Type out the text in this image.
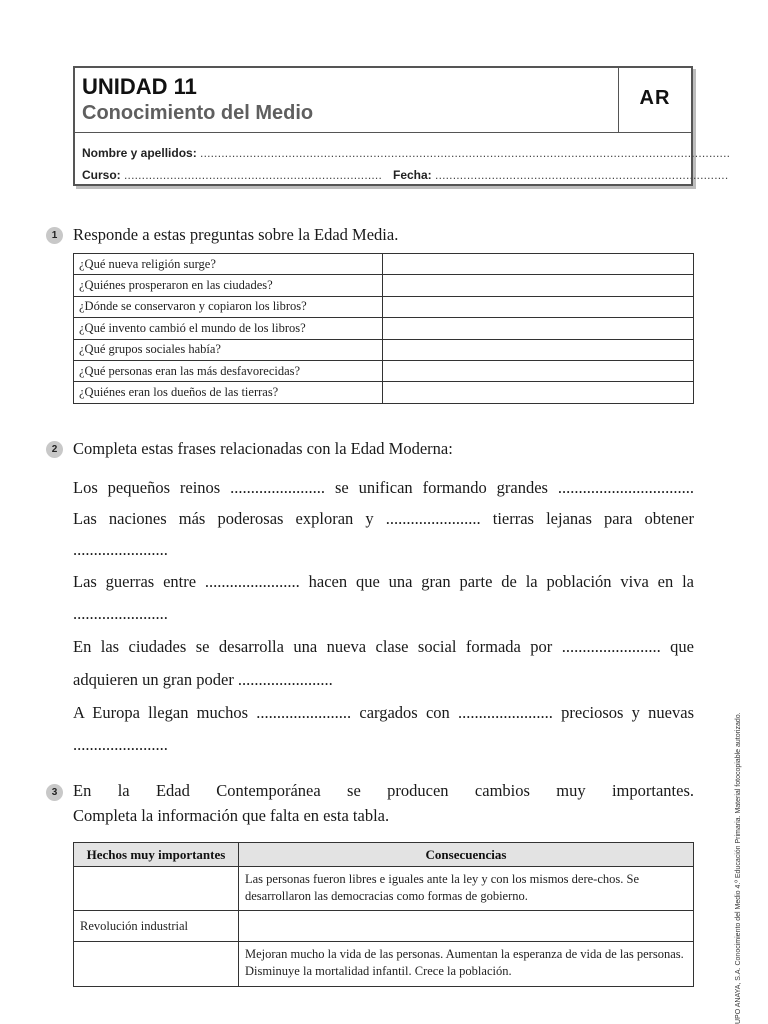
UNIDAD 11
Conocimiento del Medio
AR
Nombre y apellidos: ......................................................................................................................................................
Curso: ......................................................................... Fecha: ...................................................................................
1 Responde a estas preguntas sobre la Edad Media.
¿Qué nueva religión surge?	
¿Quiénes prosperaron en las ciudades?	
¿Dónde se conservaron y copiaron los libros?	
¿Qué invento cambió el mundo de los libros?	
¿Qué grupos sociales había?	
¿Qué personas eran las más desfavorecidas?	
¿Quiénes eran los dueños de las tierras?	
2 Completa estas frases relacionadas con la Edad Moderna:
Los pequeños reinos ....................... se unifican formando grandes .................................
Las naciones más poderosas exploran y ....................... tierras lejanas para obtener
.......................
Las guerras entre ....................... hacen que una gran parte de la población viva en la
.......................
En las ciudades se desarrolla una nueva clase social formada por ........................ que
adquieren un gran poder .......................
A Europa llegan muchos ....................... cargados con ....................... preciosos y nuevas
.......................
3 En la Edad Contemporánea se producen cambios muy importantes.
Completa la información que falta en esta tabla.
Hechos muy importantes	Consecuencias
	Las personas fueron libres e iguales ante la ley y con los mismos dere-chos. Se desarrollaron las democracias como formas de gobierno.
Revolución industrial	
	Mejoran mucho la vida de las personas. Aumentan la esperanza de vida de las personas. Disminuye la mortalidad infantil. Crece la población.	UPO ANAYA, S.A. Conocimiento del Medio 4.º Educación Primaria. Material fotocopiable autorizado.
